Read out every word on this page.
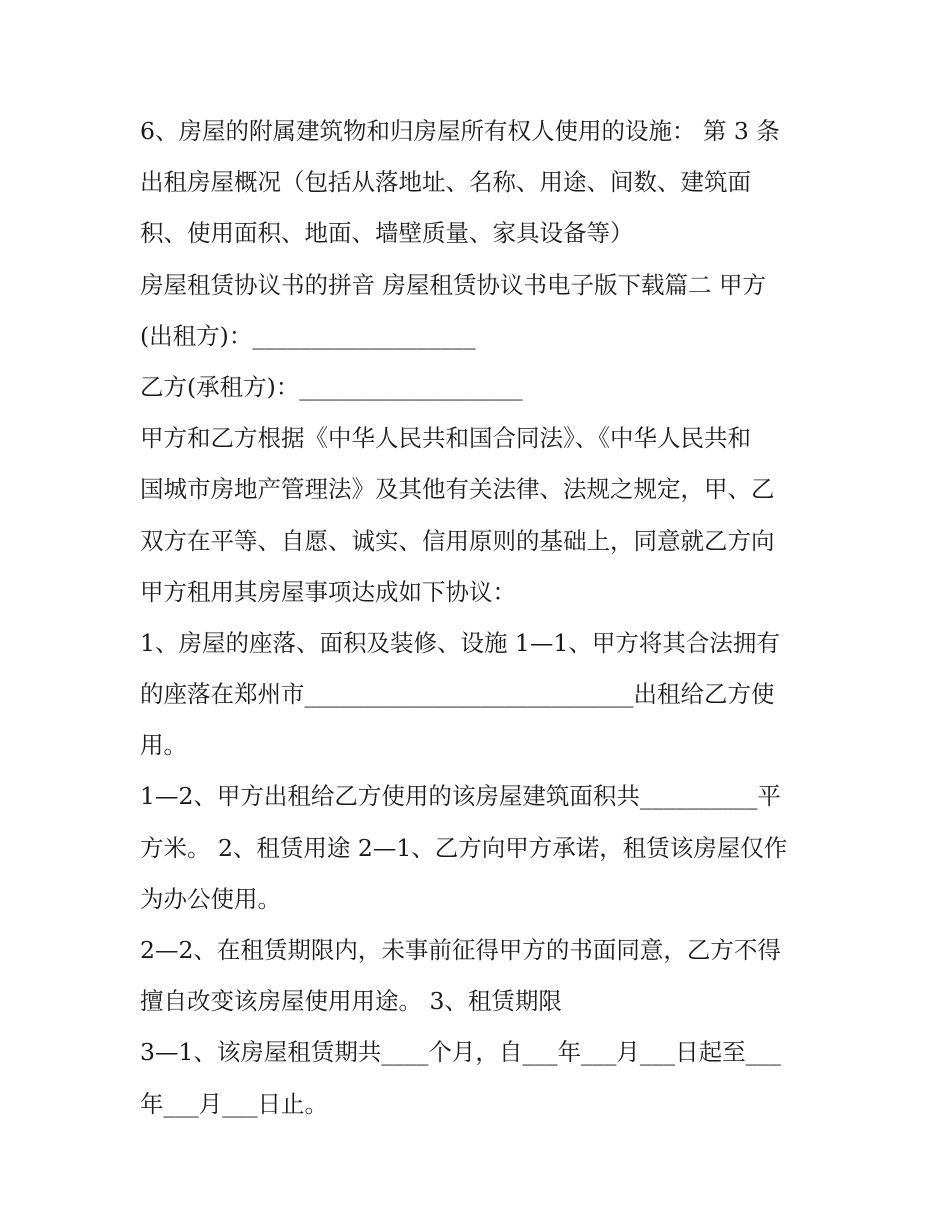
6、房屋的附属建筑物和归房屋所有权人使用的设施： 第 3 条
出租房屋概况（包括从落地址、名称、用途、间数、建筑面
积、使用面积、地面、墙壁质量、家具设备等）
房屋租赁协议书的拼音 房屋租赁协议书电子版下载篇二 甲方
(出租方)：___________________
乙方(承租方)：___________________
甲方和乙方根据《中华人民共和国合同法》、《中华人民共和
国城市房地产管理法》及其他有关法律、法规之规定，甲、乙
双方在平等、自愿、诚实、信用原则的基础上，同意就乙方向
甲方租用其房屋事项达成如下协议：
1、房屋的座落、面积及装修、设施 1—1、甲方将其合法拥有
的座落在郑州市____________________________出租给乙方使
用。
1—2、甲方出租给乙方使用的该房屋建筑面积共__________平
方米。 2、租赁用途 2—1、乙方向甲方承诺，租赁该房屋仅作
为办公使用。
2—2、在租赁期限内，未事前征得甲方的书面同意，乙方不得
擅自改变该房屋使用用途。 3、租赁期限
3—1、该房屋租赁期共____个月，自___年___月___日起至___
年___月___日止。
